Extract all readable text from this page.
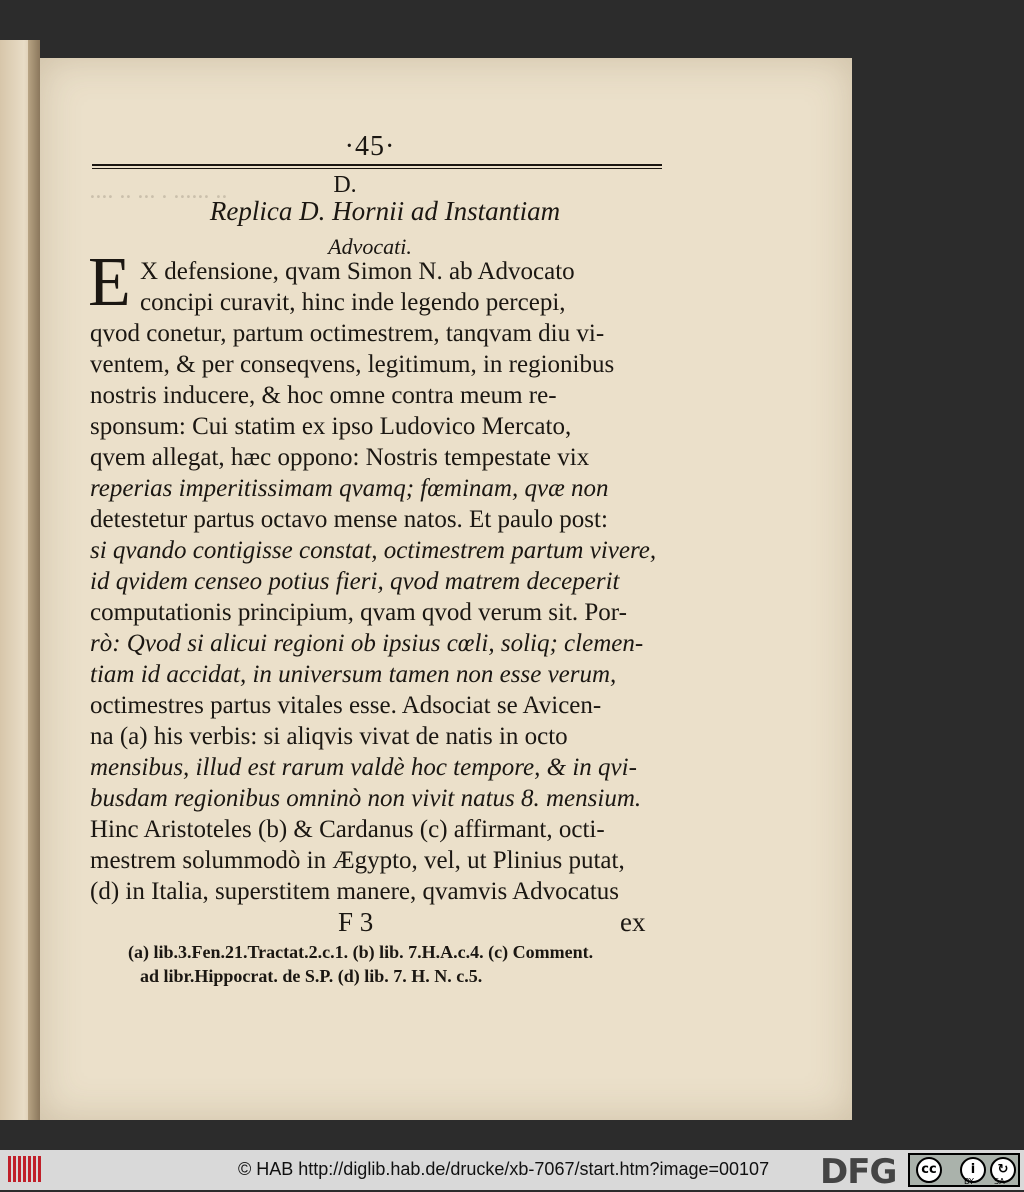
.... .. ... . ...... ..
·45·
D.
Replica D. Hornii ad Instantiam
Advocati.
E X defensione, qvam Simon N. ab Advocato
concipi curavit, hinc inde legendo percepi,
qvod conetur, partum octimestrem, tanqvam diu vi-
ventem, & per conseqvens, legitimum, in regionibus
nostris inducere, & hoc omne contra meum re-
sponsum: Cui statim ex ipso Ludovico Mercato,
qvem allegat, hæc oppono: Nostris tempestate vix
reperias imperitissimam qvamq; fœminam, qvæ non
detestetur partus octavo mense natos. Et paulo post:
si qvando contigisse constat, octimestrem partum vivere,
id qvidem censeo potius fieri, qvod matrem deceperit
computationis principium, qvam qvod verum sit. Por-
rò: Qvod si alicui regioni ob ipsius cœli, soliq; clemen-
tiam id accidat, in universum tamen non esse verum,
octimestres partus vitales esse. Adsociat se Avicen-
na (a) his verbis: si aliqvis vivat de natis in octo
mensibus, illud est rarum valdè hoc tempore, & in qvi-
busdam regionibus omninò non vivit natus 8. mensium.
Hinc Aristoteles (b) & Cardanus (c) affirmant, octi-
mestrem solummodò in Ægypto, vel, ut Plinius putat,
(d) in Italia, superstitem manere, qvamvis Advocatus
F 3	ex
(a) lib.3.Fen.21.Tractat.2.c.1. (b) lib. 7.H.A.c.4. (c) Comment.
ad libr.Hippocrat. de S.P. (d) lib. 7. H. N. c.5.
© HAB http://diglib.hab.de/drucke/xb-7067/start.htm?image=00107 DFG	cc	i	↻
BY	SA
